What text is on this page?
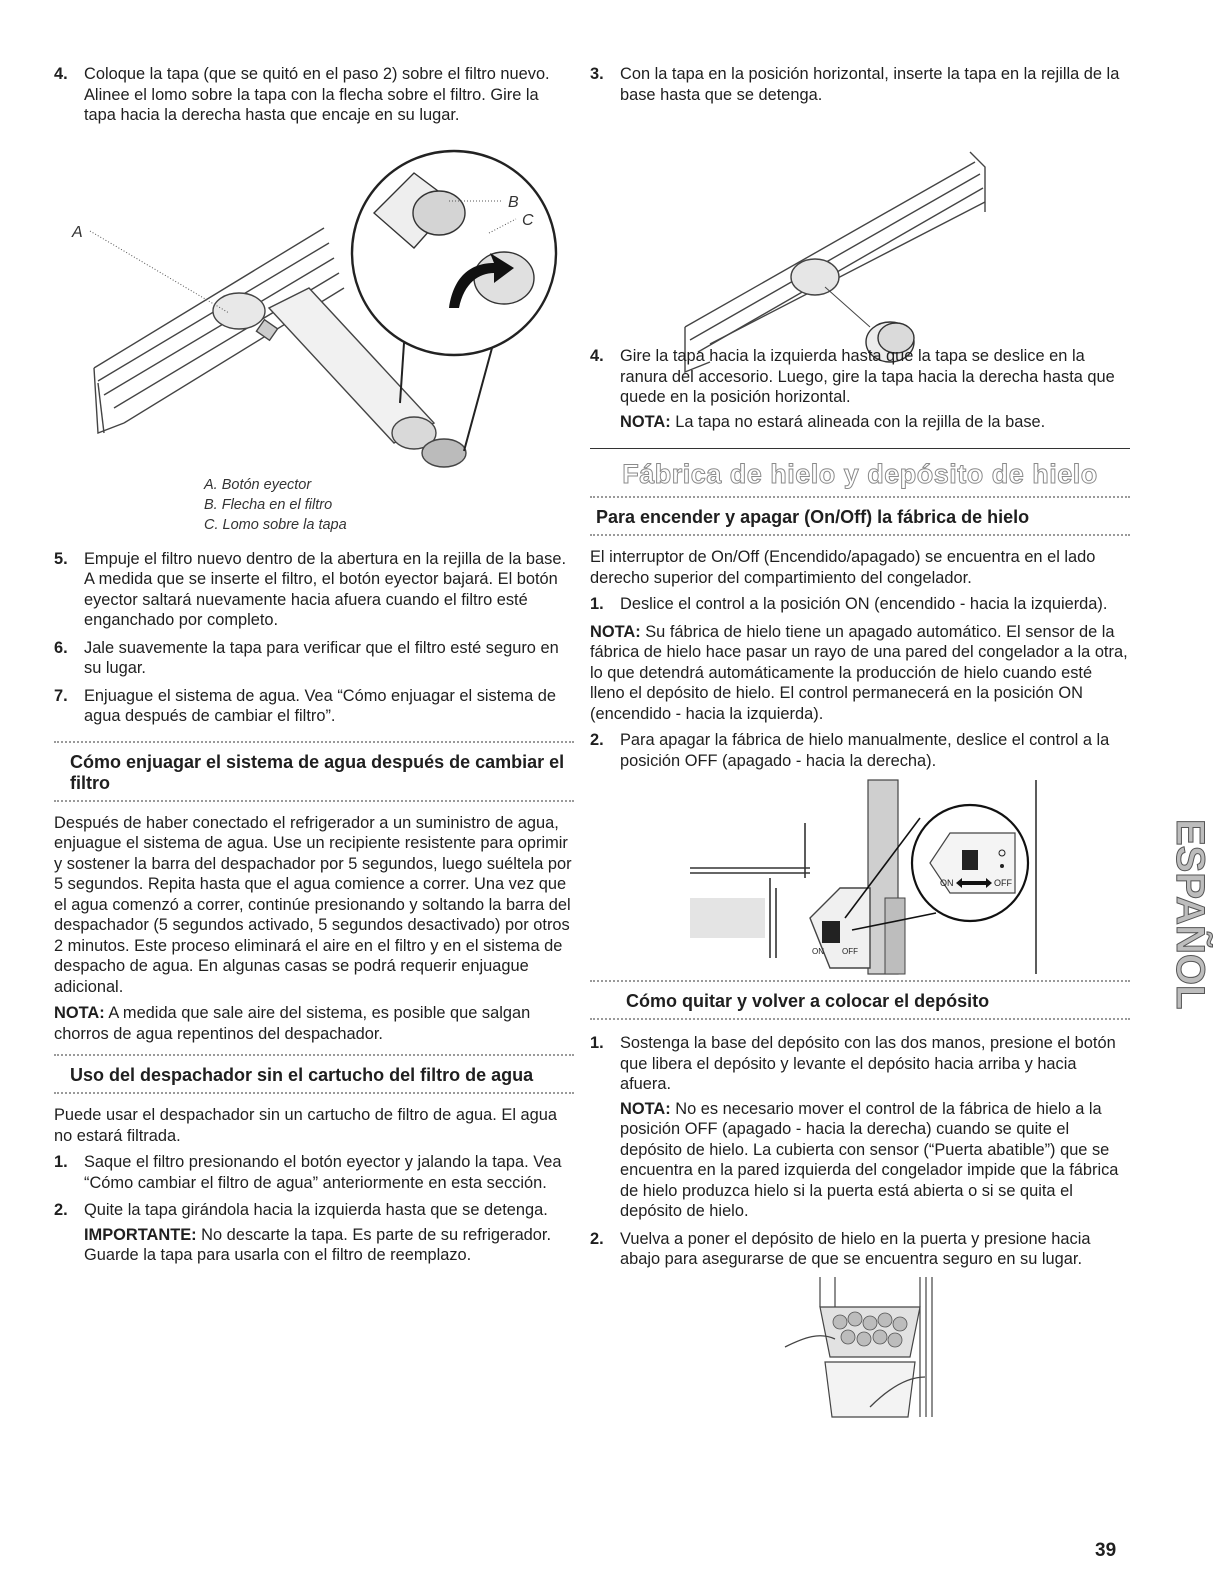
4. Coloque la tapa (que se quitó en el paso 2) sobre el filtro nuevo. Alinee el lomo sobre la tapa con la flecha sobre el filtro. Gire la tapa hacia la derecha hasta que encaje en su lugar.
A
B
C
A. Botón eyector
B. Flecha en el filtro
C. Lomo sobre la tapa
5. Empuje el filtro nuevo dentro de la abertura en la rejilla de la base. A medida que se inserte el filtro, el botón eyector bajará. El botón eyector saltará nuevamente hacia afuera cuando el filtro esté enganchado por completo.
6. Jale suavemente la tapa para verificar que el filtro esté seguro en su lugar.
7. Enjuague el sistema de agua. Vea “Cómo enjuagar el sistema de agua después de cambiar el filtro”.
Cómo enjuagar el sistema de agua después de cambiar el filtro

Después de haber conectado el refrigerador a un suministro de agua, enjuague el sistema de agua. Use un recipiente resistente para oprimir y sostener la barra del despachador por 5 segundos, luego suéltela por 5 segundos. Repita hasta que el agua comience a correr. Una vez que el agua comenzó a correr, continúe presionando y soltando la barra del despachador (5 segundos activado, 5 segundos desactivado) por otros 2 minutos. Este proceso eliminará el aire en el filtro y en el sistema de despacho de agua. En algunas casas se podrá requerir enjuague adicional.

NOTA: A medida que sale aire del sistema, es posible que salgan chorros de agua repentinos del despachador.

Uso del despachador sin el cartucho del filtro de agua

Puede usar el despachador sin un cartucho de filtro de agua. El agua no estará filtrada.

1. Saque el filtro presionando el botón eyector y jalando la tapa. Vea “Cómo cambiar el filtro de agua” anteriormente en esta sección.
2. Quite la tapa girándola hacia la izquierda hasta que se detenga.
IMPORTANTE: No descarte la tapa. Es parte de su refrigerador. Guarde la tapa para usarla con el filtro de reemplazo.
3. Con la tapa en la posición horizontal, inserte la tapa en la rejilla de la base hasta que se detenga.
4. Gire la tapa hacia la izquierda hasta que la tapa se deslice en la ranura del accesorio. Luego, gire la tapa hacia la derecha hasta que quede en la posición horizontal.
NOTA: La tapa no estará alineada con la rejilla de la base.
Fábrica de hielo y depósito de hielo
Para encender y apagar (On/Off) la fábrica de hielo

El interruptor de On/Off (Encendido/apagado) se encuentra en el lado derecho superior del compartimiento del congelador.

1. Deslice el control a la posición ON (encendido - hacia la izquierda).

NOTA: Su fábrica de hielo tiene un apagado automático. El sensor de la fábrica de hielo hace pasar un rayo de una pared del congelador a la otra, lo que detendrá automáticamente la producción de hielo cuando esté lleno el depósito de hielo. El control permanecerá en la posición ON (encendido - hacia la izquierda).

2. Para apagar la fábrica de hielo manualmente, deslice el control a la posición OFF (apagado - hacia la derecha).
ON OFF
ON	OFF
Cómo quitar y volver a colocar el depósito
1. Sostenga la base del depósito con las dos manos, presione el botón que libera el depósito y levante el depósito hacia arriba y hacia afuera.
NOTA: No es necesario mover el control de la fábrica de hielo a la posición OFF (apagado - hacia la derecha) cuando se quite el depósito de hielo. La cubierta con sensor (“Puerta abatible”) que se encuentra en la pared izquierda del congelador impide que la fábrica de hielo produzca hielo si la puerta está abierta o si se quita el depósito de hielo.
2. Vuelva a poner el depósito de hielo en la puerta y presione hacia abajo para asegurarse de que se encuentra seguro en su lugar.
ESPAÑOL
39
